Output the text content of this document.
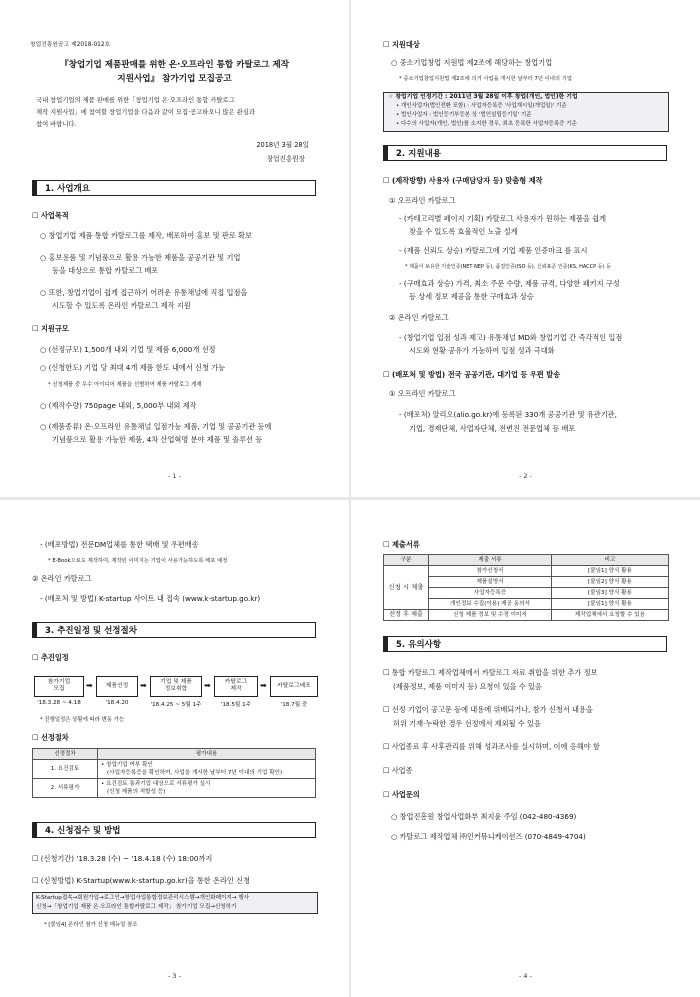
창업진흥원공고 제2018-012호
『창업기업 제품판매를 위한 온·오프라인 통합 카탈로그 제작
지원사업』 참가기업 모집공고
국내 창업기업의 제품 판매를 위한「창업기업 온·오프라인 통합 카탈로그
제작 지원사업」에 참여할 창업기업을 다음과 같이 모집·공고하오니 많은 관심과
참여 바랍니다.
2018년 3월 28일
창업진흥원장
1. 사업개요
☐ 사업목적
○ 창업기업 제품 통합 카탈로그를 제작, 배포하여 홍보 및 판로 확보
○ 홍보용품 및 기념품으로 활용 가능한 제품을 공공기관 및 기업
등을 대상으로 통합 카탈로그 배포
○ 또한, 창업기업이 쉽게 접근하기 어려운 유통채널에 직접 입점을
시도할 수 있도록 온라인 카탈로그 제작 지원
☐ 지원규모
○ (선정규모) 1,500개 내외 기업 및 제품 6,000개 선정
○ (신청한도) 기업 당 최대 4개 제품 한도 내에서 신청 가능
* 신청제품 중 우수 아이디어 제품을 선별하여 제품 카탈로그 게재
○ (제작수량) 750page 내외, 5,000부 내외 제작
○ (제품종류) 온·오프라인 유통채널 입점가능 제품, 기업 및 공공기관 등에
기념품으로 활용 가능한 제품, 4차 산업혁명 분야 제품 및 솔루션 등
- 1 -
☐ 지원대상
○ 중소기업창업 지원법 제2조에 해당하는 창업기업
* 중소기업창업지원법 제2조에 의거 사업을 개시한 날부터 7년 이내의 기업
☞ 창업기업 인정기간 : 2011년 3월 28일 이후 창업(개인, 법인)한 기업
• 개인사업자(법인전환 포함) : 사업자등록증 '사업개시일(개업일)' 기준
• 법인사업자 : 법인등기부등본 상 '법인설립등기일' 기준
• 다수의 사업자(개인, 법인)를 소지한 경우, 최초 등록한 사업자등록증 기준
2. 지원내용
☐ (제작방향) 사용자 (구매담당자 등) 맞춤형 제작
① 오프라인 카탈로그
- (카테고리별 페이지 기획) 카탈로그 사용자가 원하는 제품을 쉽게
찾을 수 있도록 효율적인 노출 설계
- (제품 신뢰도 상승) 카탈로그에 기업 제품 인증마크 를 표시
* 제품이 보유한 기술인증(NET·NEP 등), 품질인증(ISO 등), 신뢰표준 인증(KS, HACCP 등) 등
- (구매효과 상승) 가격, 최소 주문 수량, 제품 규격, 다양한 패키지 구성
등 상세 정보 제공을 통한 구매효과 상승
② 온라인 카탈로그
- (창업기업 입점 성과 제고) 유통채널 MD와 창업기업 간 즉각적인 입점
시도와 현황 공유가 가능하여 입점 성과 극대화
☐ (배포처 및 방법) 전국 공공기관, 대기업 등 우편 발송
① 오프라인 카탈로그
- (배포처) 알리오(alio.go.kr)에 등록된 330개 공공기관 및 유관기관,
기업, 경제단체, 사업자단체, 전변진 전문업체 등 배포
- 2 -
- (배포방법) 전문DM업체를 통한 택배 및 우편배송
* E-Book으로도 제작하여, 제작된 이미지는 기업이 사용가능하도록 배포 예정
② 온라인 카탈로그
- (배포처 및 방법) K-startup 사이트 내 접속 (www.k-startup.go.kr)
3. 추진일정 및 선정절차
☐ 추진일정
참가기업
모집	➡	제품선정	➡	기업 및 제품
정보취합	➡	카탈로그
제작	➡	카탈로그배포
'18.3.28 ~ 4.18	'18.4.20	'18.4.25 ~ 5월 1주	'18.5월 1주	'18.7월 중
* 진행일정은 상황에 따라 변동 가능
☐ 선정절차
선정절차	평가내용
1. 요건검토	• 창업기업 여부 확인
(사업자등록증을 확인하여, 사업을 개시한 날부터 7년 이내의 기업 확인)

2. 서류평가	• 요건검토 통과기업 대상으로 서류평가 실시
(신청 제품의 적합성 등)
4. 신청접수 및 방법
☐ (신청기간) '18.3.28 (수) ~ '18.4.18 (수) 18:00까지
☐ (신청방법) K-Startup(www.k-startup.go.kr)을 통한 온라인 신청
K-Startup접속→회원가입→로그인→창업사업통합정보관리시스템→개인화페이지→ 행사
신청→「창업기업 제품 온·오프라인 통합카탈로그 제작」 참가기업 모집→신청하기
* [붙임4] 온라인 참가 신청 매뉴얼 참조
- 3 -
☐ 제출서류
구분	제출 서류	비고
신청 시 제출	참가신청서	[붙임1] 양식 활용
	제품설명서	[붙임2] 양식 활용
	사업자등록증	[붙임3] 양식 활용
	개인정보 수집(이용) 제공 동의서	[붙임1] 양식 활용
선정 후 제출	신청 제품 정보 및 수정 이미지	제작업체에서 요청할 수 있음
5. 유의사항
☐ 통합 카탈로그 제작업체에서 카탈로그 자료 취합을 위한 추가 정보
(제품정보, 제품 이미지 등) 요청이 있을 수 있음
☐ 선정 기업이 공고문 등에 내용에 위배되거나, 참가 신청서 내용을
허위 기재·누락한 경우 선정에서 제외될 수 있음
☐ 사업종료 후 사후관리를 위해 성과조사를 실시하며, 이에 응해야 함
☐ 사업종
☐ 사업문의
○ 창업진흥원 창업사업화부 최지윤 주임 (042-480-4369)
○ 카탈로그 제작업체 ㈜인커뮤니케이션즈 (070-4849-4704)
- 4 -
